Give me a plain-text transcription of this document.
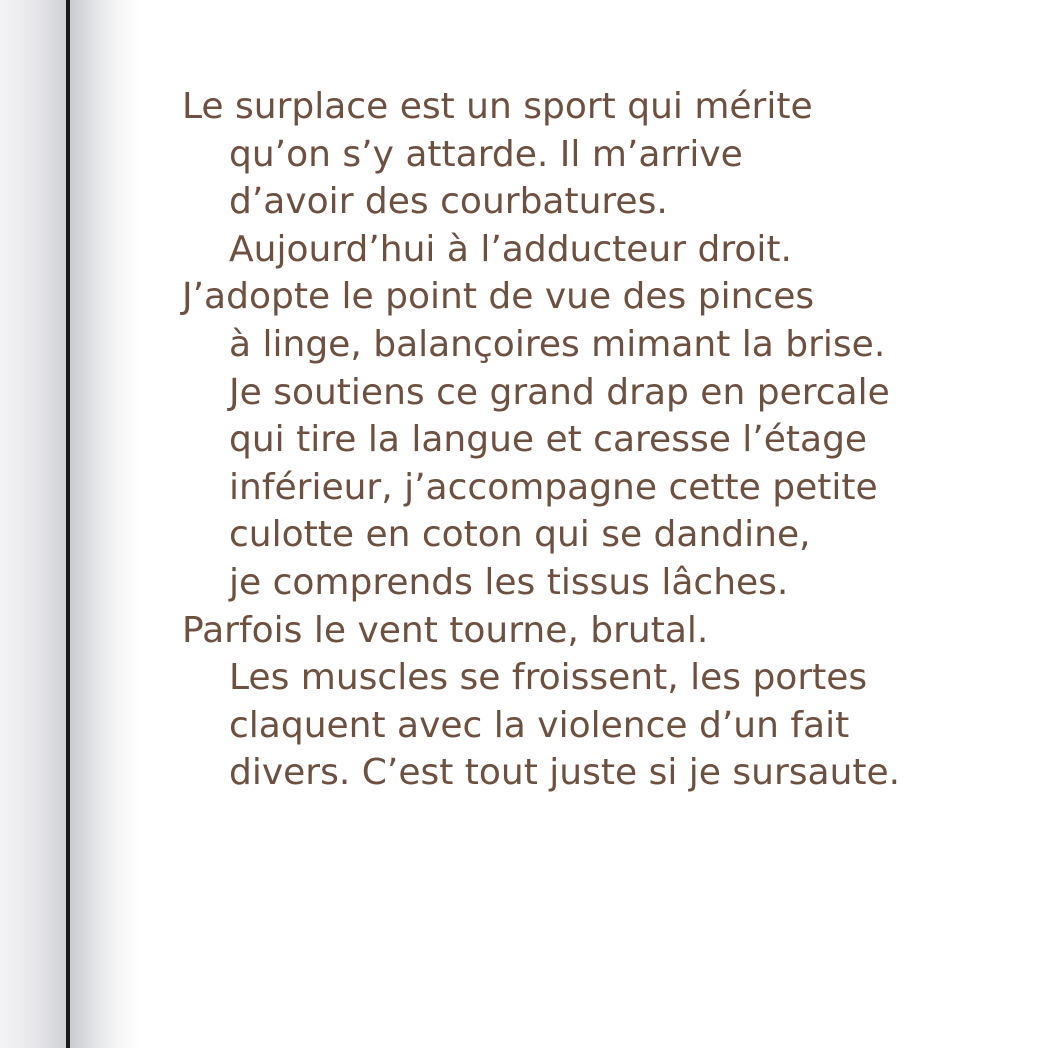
Le surplace est un sport qui mérite
qu’on s’y attarde. Il m’arrive
d’avoir des courbatures.
Aujourd’hui à l’adducteur droit.
J’adopte le point de vue des pinces
à linge, balançoires mimant la brise.
Je soutiens ce grand drap en percale
qui tire la langue et caresse l’étage
inférieur, j’accompagne cette petite
culotte en coton qui se dandine,
je comprends les tissus lâches.
Parfois le vent tourne, brutal.
Les muscles se froissent, les portes
claquent avec la violence d’un fait
divers. C’est tout juste si je sursaute.
